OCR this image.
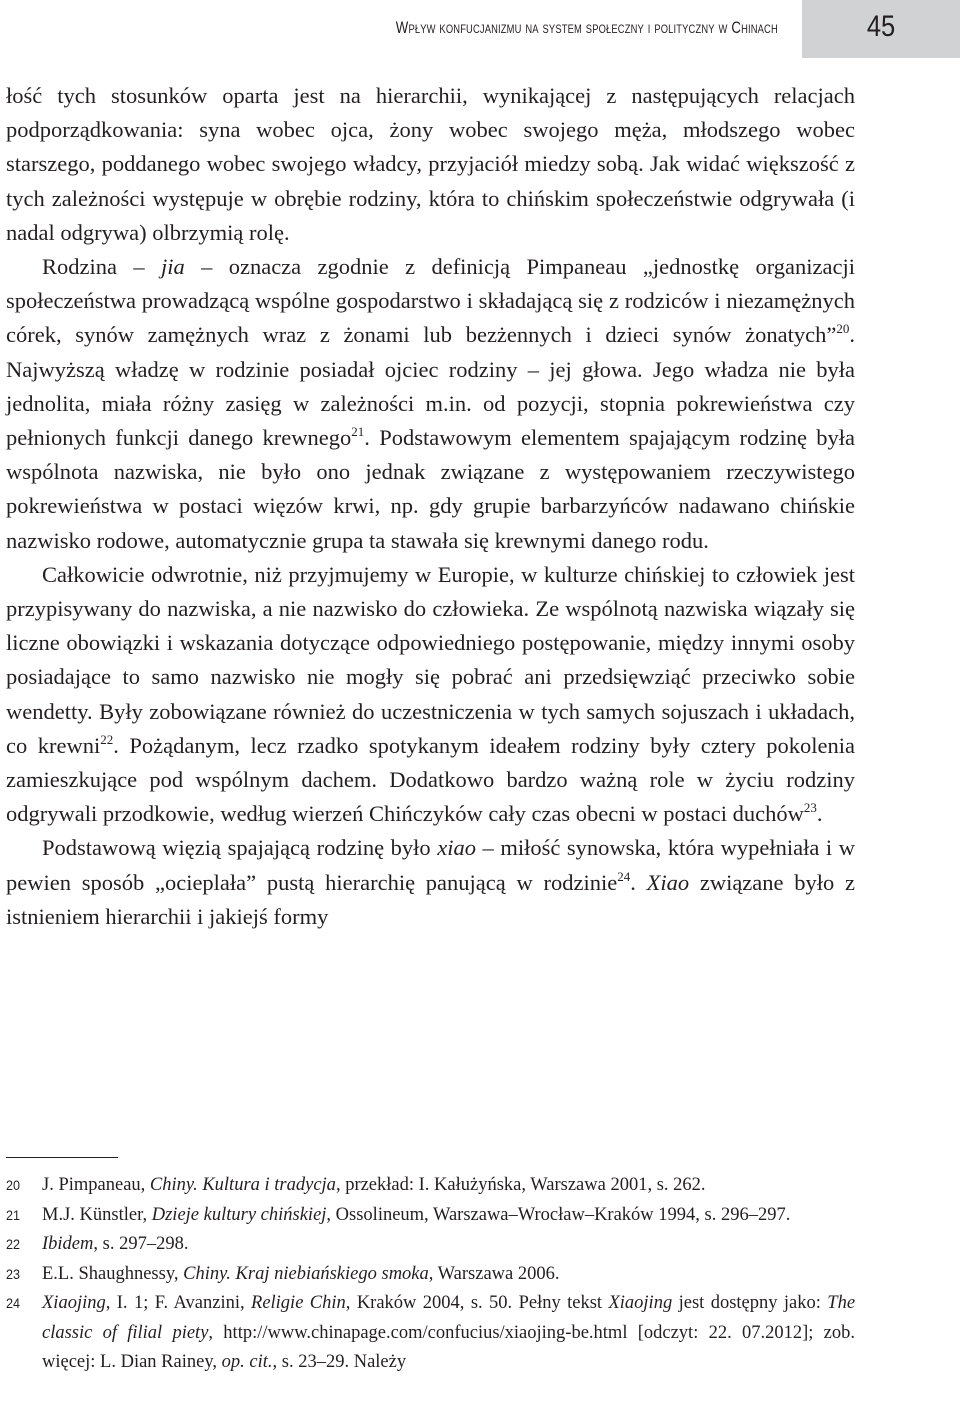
Wpływ konfucjanizmu na system społeczny i polityczny w Chinach	45

łość tych stosunków oparta jest na hierarchii, wynikającej z następujących relacjach podporządkowania: syna wobec ojca, żony wobec swojego męża, młodszego wobec starszego, poddanego wobec swojego władcy, przyjaciół miedzy sobą. Jak widać większość z tych zależności występuje w obrębie rodziny, która to chińskim społeczeństwie odgrywała (i nadal odgrywa) olbrzymią rolę.

Rodzina – jia – oznacza zgodnie z definicją Pimpaneau „jednostkę organizacji społeczeństwa prowadzącą wspólne gospodarstwo i składającą się z rodziców i niezamężnych córek, synów zamężnych wraz z żonami lub bezżennych i dzieci synów żonatych”$^{20}$. Najwyższą władzę w rodzinie posiadał ojciec rodziny – jej głowa. Jego władza nie była jednolita, miała różny zasięg w zależności m.in. od pozycji, stopnia pokrewieństwa czy pełnionych funkcji danego krewnego$^{21}$. Podstawowym elementem spajającym rodzinę była wspólnota nazwiska, nie było ono jednak związane z występowaniem rzeczywistego pokrewieństwa w postaci więzów krwi, np. gdy grupie barbarzyńców nadawano chińskie nazwisko rodowe, automatycznie grupa ta stawała się krewnymi danego rodu.

Całkowicie odwrotnie, niż przyjmujemy w Europie, w kulturze chińskiej to człowiek jest przypisywany do nazwiska, a nie nazwisko do człowieka. Ze wspólnotą nazwiska wiązały się liczne obowiązki i wskazania dotyczące odpowiedniego postępowanie, między innymi osoby posiadające to samo nazwisko nie mogły się pobrać ani przedsięwziąć przeciwko sobie wendetty. Były zobowiązane również do uczestniczenia w tych samych sojuszach i układach, co krewni$^{22}$. Pożądanym, lecz rzadko spotykanym ideałem rodziny były cztery pokolenia zamieszkujące pod wspólnym dachem. Dodatkowo bardzo ważną role w życiu rodziny odgrywali przodkowie, według wierzeń Chińczyków cały czas obecni w postaci duchów$^{23}$.

Podstawową więzią spajającą rodzinę było xiao – miłość synowska, która wypełniała i w pewien sposób „ocieplała” pustą hierarchię panującą w rodzinie$^{24}$. Xiao związane było z istnieniem hierarchii i jakiejś formy

20	J. Pimpaneau, Chiny. Kultura i tradycja, przekład: I. Kałużyńska, Warszawa 2001, s. 262.
21	M.J. Künstler, Dzieje kultury chińskiej, Ossolineum, Warszawa–Wrocław–Kraków 1994, s. 296–297.
22	Ibidem, s. 297–298.
23	E.L. Shaughnessy, Chiny. Kraj niebiańskiego smoka, Warszawa 2006.
24	Xiaojing, I. 1; F. Avanzini, Religie Chin, Kraków 2004, s. 50. Pełny tekst Xiaojing jest dostępny jako: The classic of filial piety, http://www.chinapage.com/confucius/xiaojing-be.html [odczyt: 22. 07.2012]; zob. więcej: L. Dian Rainey, op. cit., s. 23–29. Należy
